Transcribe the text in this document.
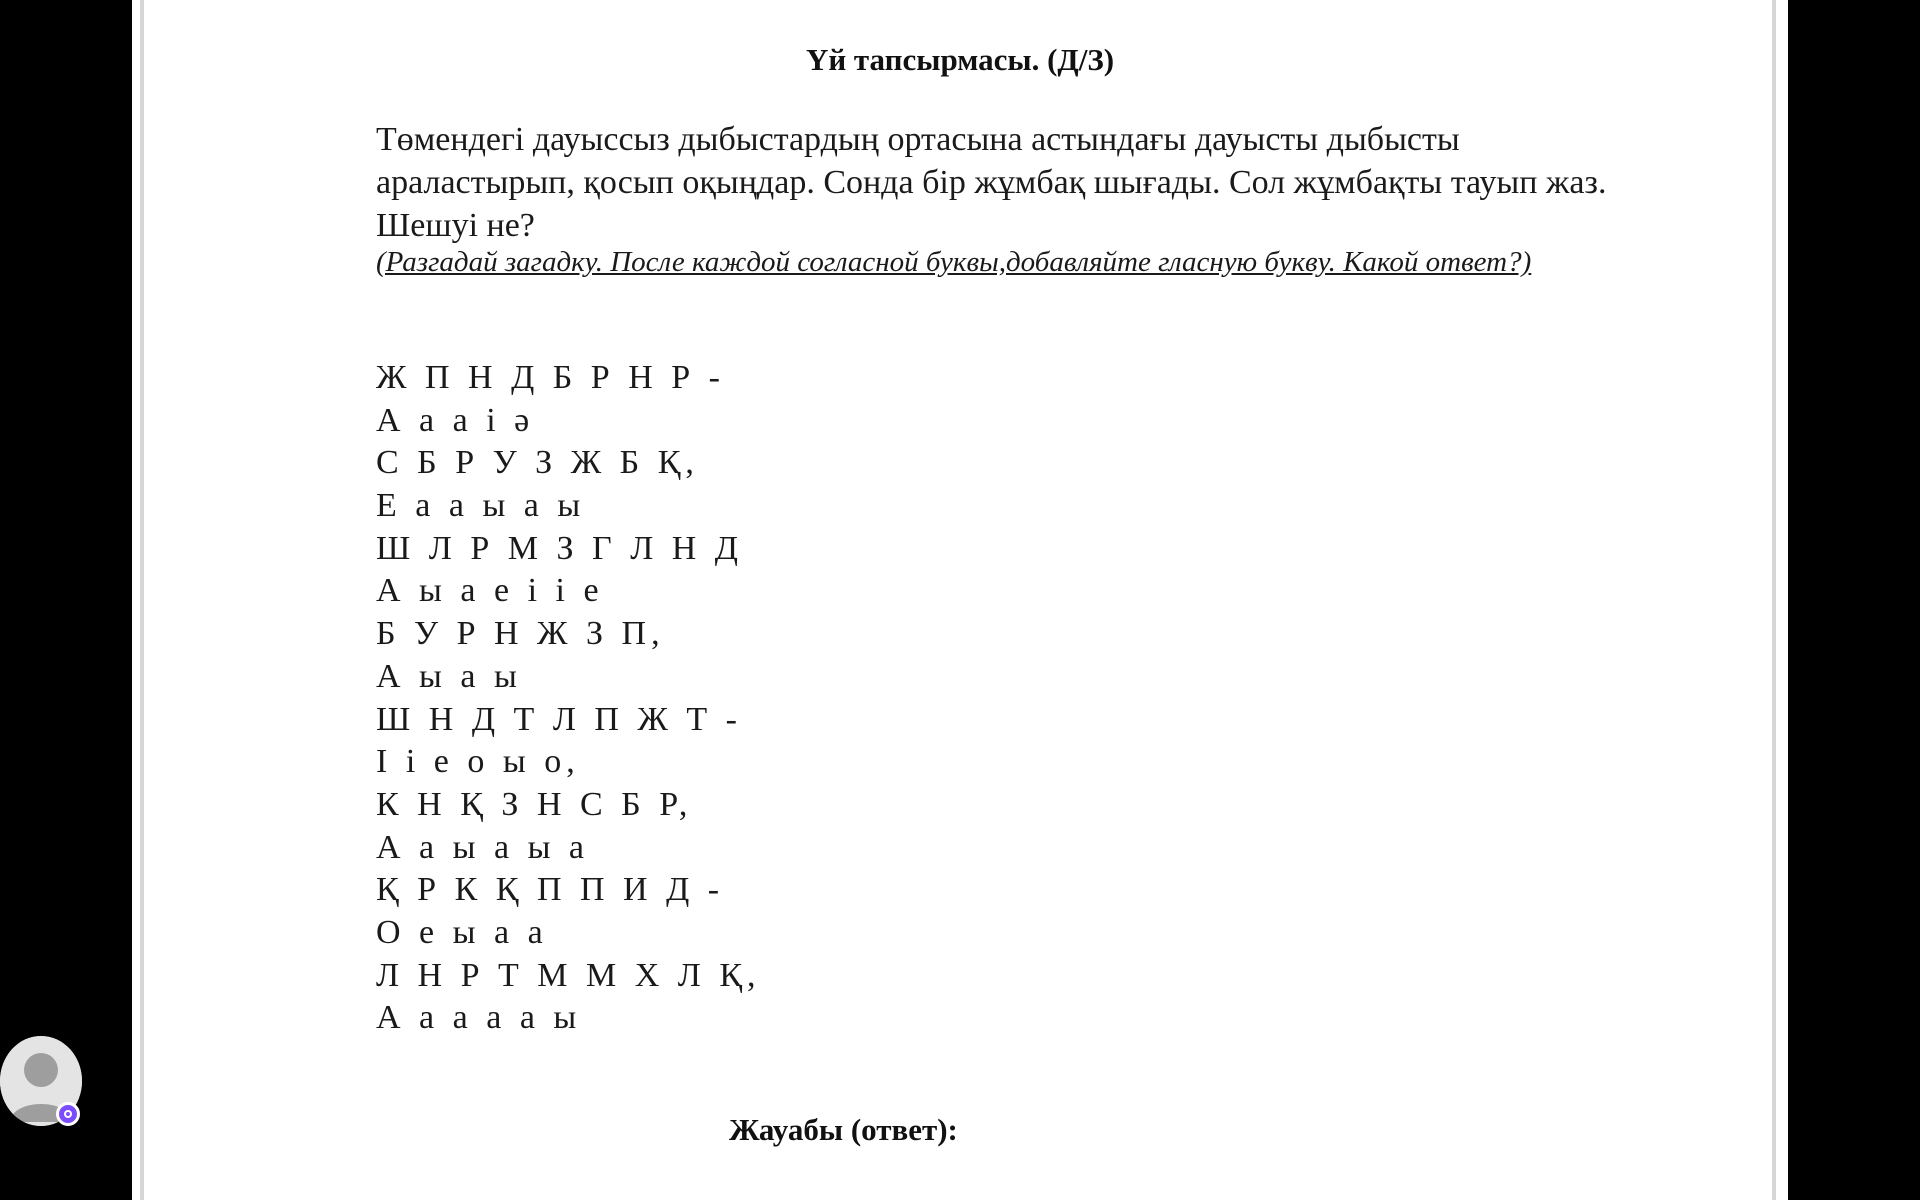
Үй тапсырмасы. (Д/З)

Төмендегі дауыссыз дыбыстардың ортасына астындағы дауысты дыбысты араластырып, қосып оқыңдар. Сонда бір жұмбақ шығады. Сол жұмбақты тауып жаз. Шешуі не?

(Разгадай загадку. После каждой согласной буквы,добавляйте гласную букву. Какой ответ?)

Ж П Н Д Б Р Н Р -
А а а і ә
С Б Р У З Ж Б Қ,
Е а а ы а ы
Ш Л Р М З Г Л Н Д
А ы а е і і е
Б У Р Н Ж З П,
А ы а ы
Ш Н Д Т Л П Ж Т -
І і е о ы о,
К Н Қ З Н С Б Р,
А а ы а ы а
Қ Р К Қ П П И Д -
О е ы а а
Л Н Р Т М М Х Л Қ,
А а а а а ы

Жауабы (ответ):
